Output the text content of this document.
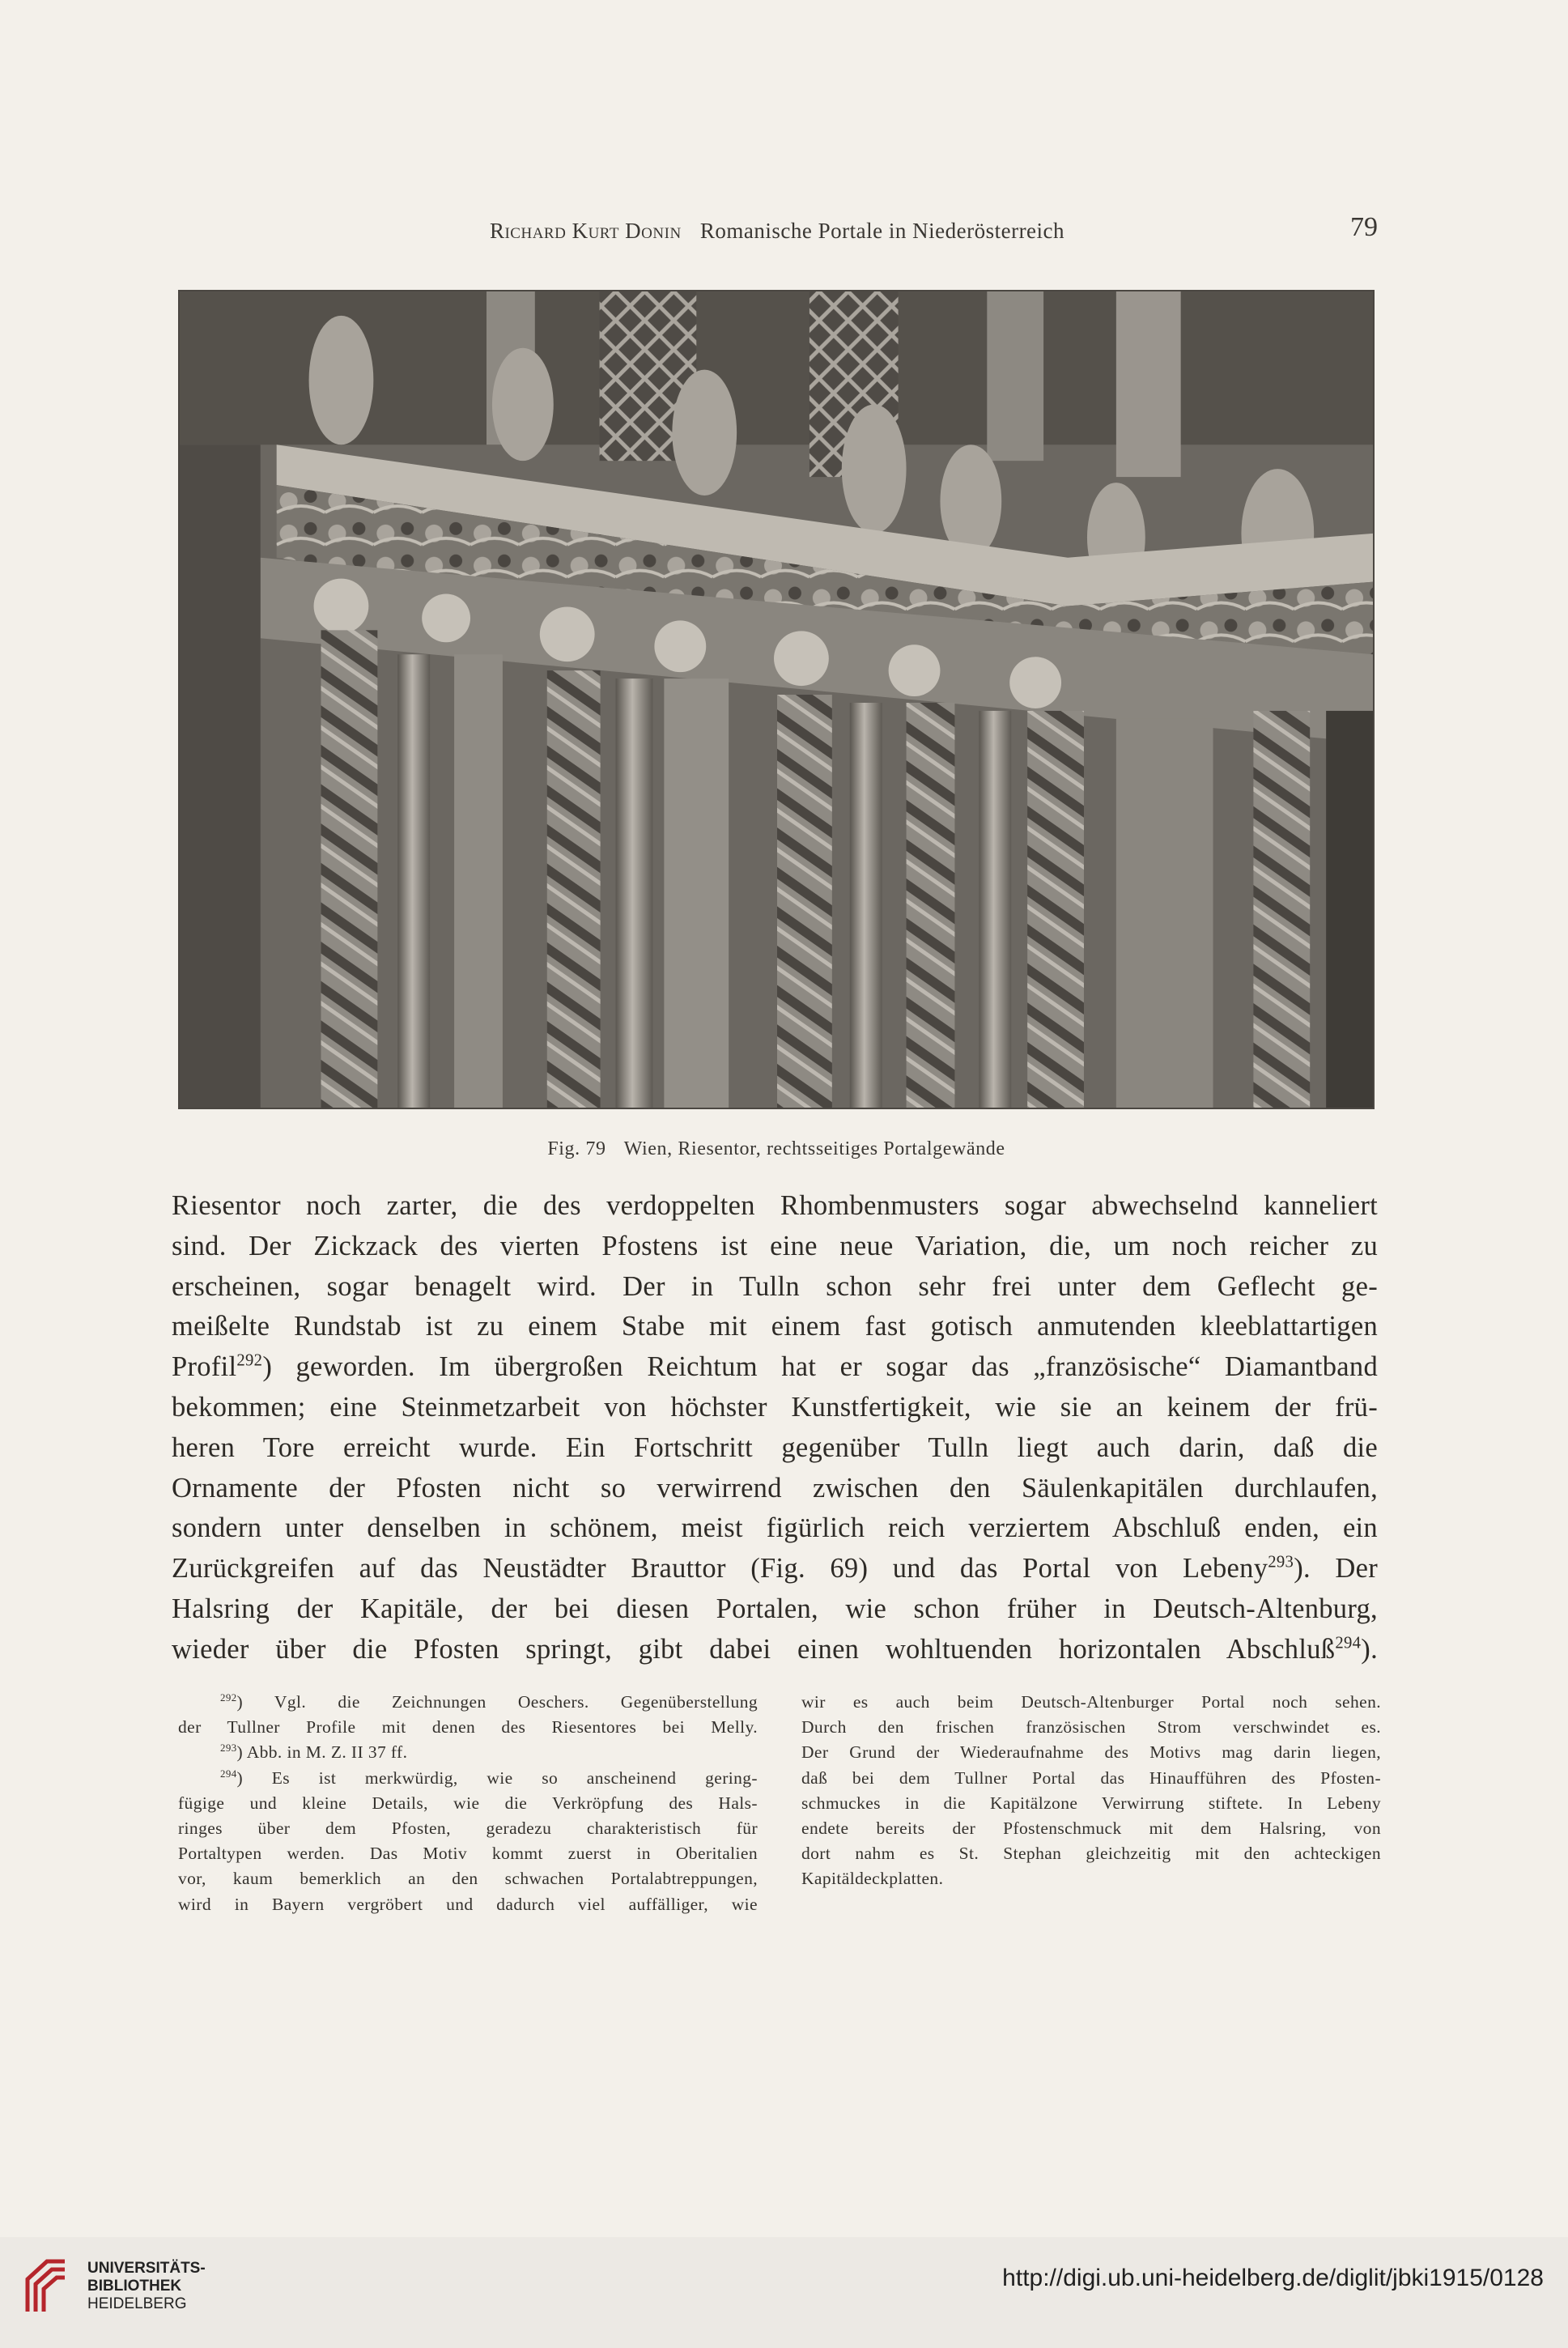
Richard Kurt Donin Romanische Portale in Niederösterreich	79
Fig. 79 Wien, Riesentor, rechtsseitiges Portalgewände
Riesentor noch zarter, die des verdoppelten Rhombenmusters sogar abwechselnd kanneliert
sind. Der Zickzack des vierten Pfostens ist eine neue Variation, die, um noch reicher zu
erscheinen, sogar benagelt wird. Der in Tulln schon sehr frei unter dem Geflecht ge-
meißelte Rundstab ist zu einem Stabe mit einem fast gotisch anmutenden kleeblattartigen
Profil$^{292}$) geworden. Im übergroßen Reichtum hat er sogar das „französische“ Diamantband
bekommen; eine Steinmetzarbeit von höchster Kunstfertigkeit, wie sie an keinem der frü-
heren Tore erreicht wurde. Ein Fortschritt gegenüber Tulln liegt auch darin, daß die
Ornamente der Pfosten nicht so verwirrend zwischen den Säulenkapitälen durchlaufen,
sondern unter denselben in schönem, meist figürlich reich verziertem Abschluß enden, ein
Zurückgreifen auf das Neustädter Brauttor (Fig. 69) und das Portal von Lebeny$^{293}$). Der
Halsring der Kapitäle, der bei diesen Portalen, wie schon früher in Deutsch-Altenburg,
wieder über die Pfosten springt, gibt dabei einen wohltuenden horizontalen Abschluß$^{294}$).
$^{292}$) Vgl. die Zeichnungen Oeschers. Gegenüberstellung
der Tullner Profile mit denen des Riesentores bei Melly.
$^{293}$) Abb. in M. Z. II 37 ff.
$^{294}$) Es ist merkwürdig, wie so anscheinend gering-
fügige und kleine Details, wie die Verkröpfung des Hals-
ringes über dem Pfosten, geradezu charakteristisch für
Portaltypen werden. Das Motiv kommt zuerst in Oberitalien
vor, kaum bemerklich an den schwachen Portalabtreppungen,
wird in Bayern vergröbert und dadurch viel auffälliger, wie
wir es auch beim Deutsch-Altenburger Portal noch sehen.
Durch den frischen französischen Strom verschwindet es.
Der Grund der Wiederaufnahme des Motivs mag darin liegen,
daß bei dem Tullner Portal das Hinaufführen des Pfosten-
schmuckes in die Kapitälzone Verwirrung stiftete. In Lebeny
endete bereits der Pfostenschmuck mit dem Halsring, von
dort nahm es St. Stephan gleichzeitig mit den achteckigen
Kapitäldeckplatten.
UNIVERSITÄTS-
BIBLIOTHEK
HEIDELBERG
http://digi.ub.uni-heidelberg.de/diglit/jbki1915/0128
